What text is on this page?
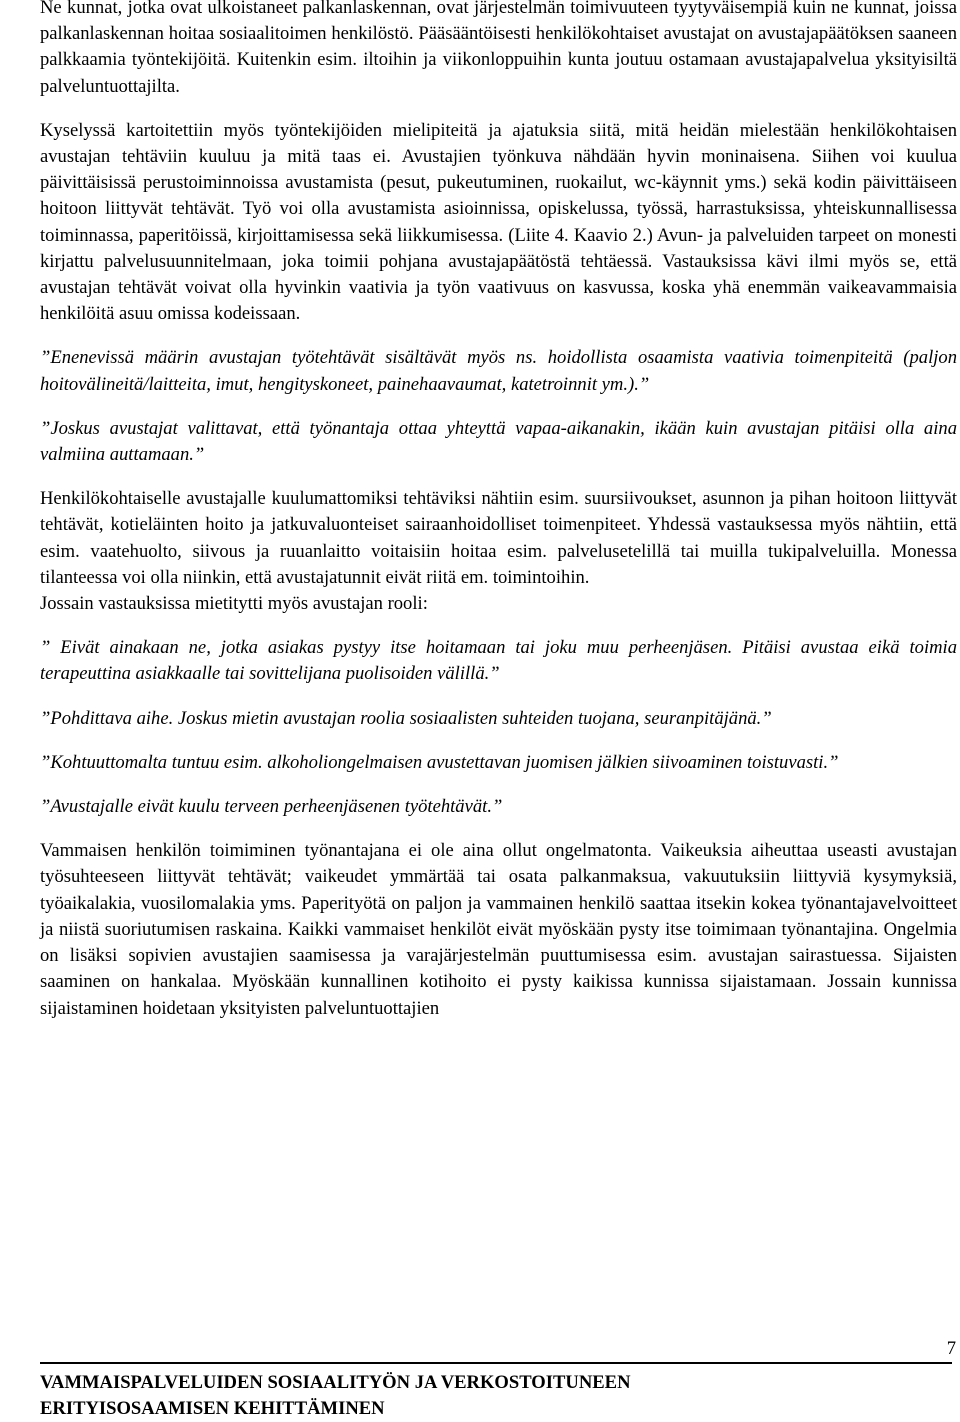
Ne kunnat, jotka ovat ulkoistaneet palkanlaskennan, ovat järjestelmän toimivuuteen tyytyväisempiä kuin ne kunnat, joissa palkanlaskennan hoitaa sosiaalitoimen henkilöstö. Pääsääntöisesti henkilökohtaiset avustajat on avustajapäätöksen saaneen palkkaamia työntekijöitä. Kuitenkin esim. iltoihin ja viikonloppuihin kunta joutuu ostamaan avustajapalvelua yksityisiltä palveluntuottajilta.

Kyselyssä kartoitettiin myös työntekijöiden mielipiteitä ja ajatuksia siitä, mitä heidän mielestään henkilökohtaisen avustajan tehtäviin kuuluu ja mitä taas ei. Avustajien työnkuva nähdään hyvin moninaisena. Siihen voi kuulua päivittäisissä perustoiminnoissa avustamista (pesut, pukeutuminen, ruokailut, wc-käynnit yms.) sekä kodin päivittäiseen hoitoon liittyvät tehtävät. Työ voi olla avustamista asioinnissa, opiskelussa, työssä, harrastuksissa, yhteiskunnallisessa toiminnassa, paperitöissä, kirjoittamisessa sekä liikkumisessa. (Liite 4. Kaavio 2.) Avun- ja palveluiden tarpeet on monesti kirjattu palvelusuunnitelmaan, joka toimii pohjana avustajapäätöstä tehtäessä. Vastauksissa kävi ilmi myös se, että avustajan tehtävät voivat olla hyvinkin vaativia ja työn vaativuus on kasvussa, koska yhä enemmän vaikeavammaisia henkilöitä asuu omissa kodeissaan.

”Enenevissä määrin avustajan työtehtävät sisältävät myös ns. hoidollista osaamista vaativia toimenpiteitä (paljon hoitovälineitä/laitteita, imut, hengityskoneet, painehaavaumat, katetroinnit ym.).”

”Joskus avustajat valittavat, että työnantaja ottaa yhteyttä vapaa-aikanakin, ikään kuin avustajan pitäisi olla aina valmiina auttamaan.”

Henkilökohtaiselle avustajalle kuulumattomiksi tehtäviksi nähtiin esim. suursiivoukset, asunnon ja pihan hoitoon liittyvät tehtävät, kotieläinten hoito ja jatkuvaluonteiset sairaanhoidolliset toimenpiteet. Yhdessä vastauksessa myös nähtiin, että esim. vaatehuolto, siivous ja ruuanlaitto voitaisiin hoitaa esim. palvelusetelillä tai muilla tukipalveluilla. Monessa tilanteessa voi olla niinkin, että avustajatunnit eivät riitä em. toimintoihin.

Jossain vastauksissa mietitytti myös avustajan rooli:

” Eivät ainakaan ne, jotka asiakas pystyy itse hoitamaan tai joku muu perheenjäsen. Pitäisi avustaa eikä toimia terapeuttina asiakkaalle tai sovittelijana puolisoiden välillä.”

”Pohdittava aihe. Joskus mietin avustajan roolia sosiaalisten suhteiden tuojana, seuranpitäjänä.”

”Kohtuuttomalta tuntuu esim. alkoholiongelmaisen avustettavan juomisen jälkien siivoaminen toistuvasti.”

”Avustajalle eivät kuulu terveen perheenjäsenen työtehtävät.”

Vammaisen henkilön toimiminen työnantajana ei ole aina ollut ongelmatonta. Vaikeuksia aiheuttaa useasti avustajan työsuhteeseen liittyvät tehtävät; vaikeudet ymmärtää tai osata palkanmaksua, vakuutuksiin liittyviä kysymyksiä, työaikalakia, vuosilomalakia yms. Paperityötä on paljon ja vammainen henkilö saattaa itsekin kokea työnantajavelvoitteet ja niistä suoriutumisen raskaina. Kaikki vammaiset henkilöt eivät myöskään pysty itse toimimaan työnantajina. Ongelmia on lisäksi sopivien avustajien saamisessa ja varajärjestelmän puuttumisessa esim. avustajan sairastuessa. Sijaisten saaminen on hankalaa. Myöskään kunnallinen kotihoito ei pysty kaikissa kunnissa sijaistamaan. Jossain kunnissa sijaistaminen hoidetaan yksityisten palveluntuottajien

7
VAMMAISPALVELUIDEN SOSIAALITYÖN JA VERKOSTOITUNEEN
ERITYISOSAAMISEN KEHITTÄMINEN
